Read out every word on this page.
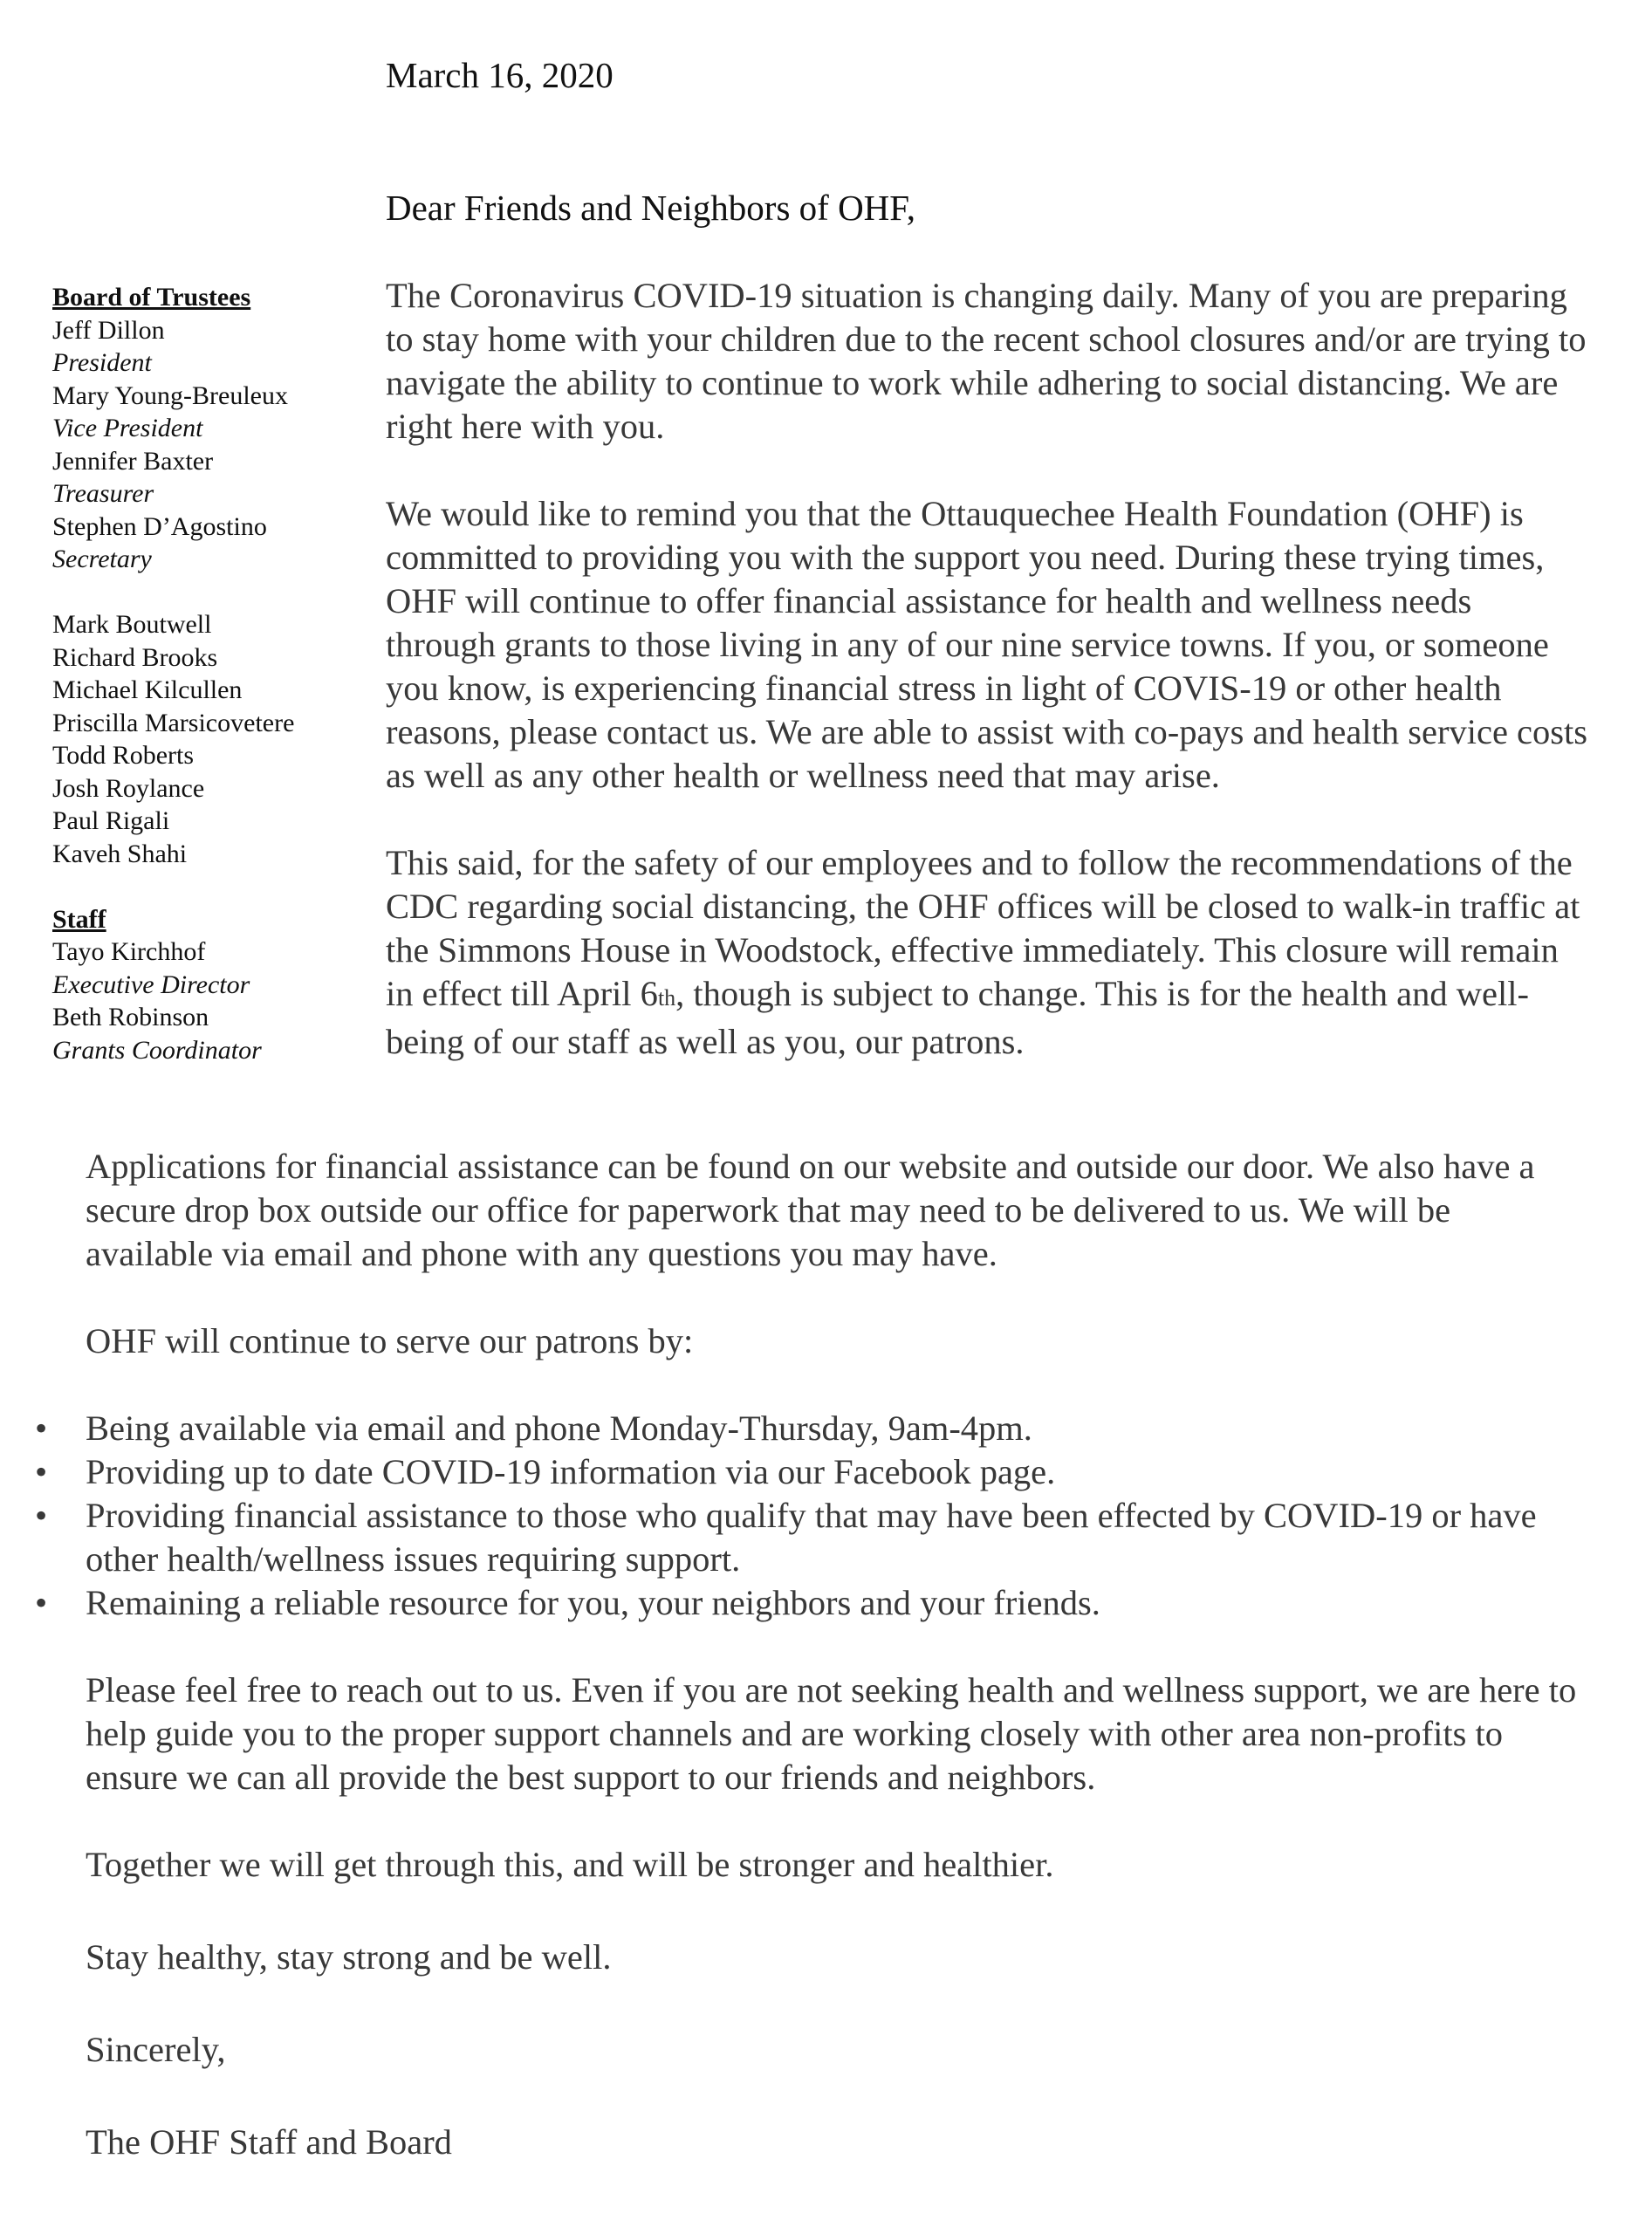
March 16, 2020
Dear Friends and Neighbors of OHF,
Board of Trustees
Jeff Dillon
President
Mary Young-Breuleux
Vice President
Jennifer Baxter
Treasurer
Stephen D’Agostino
Secretary
Mark Boutwell
Richard Brooks
Michael Kilcullen
Priscilla Marsicovetere
Todd Roberts
Josh Roylance
Paul Rigali
Kaveh Shahi
Staff
Tayo Kirchhof
Executive Director
Beth Robinson
Grants Coordinator

The Coronavirus COVID-19 situation is changing daily. Many of you are preparing to stay home with your children due to the recent school closures and/or are trying to navigate the ability to continue to work while adhering to social distancing. We are right here with you.

We would like to remind you that the Ottauquechee Health Foundation (OHF) is committed to providing you with the support you need. During these trying times, OHF will continue to offer financial assistance for health and wellness needs through grants to those living in any of our nine service towns. If you, or someone you know, is experiencing financial stress in light of COVIS-19 or other health reasons, please contact us. We are able to assist with co-pays and health service costs as well as any other health or wellness need that may arise.

This said, for the safety of our employees and to follow the recommendations of the CDC regarding social distancing, the OHF offices will be closed to walk-in traffic at the Simmons House in Woodstock, effective immediately. This closure will remain in effect till April 6th, though is subject to change. This is for the health and well-being of our staff as well as you, our patrons.

Applications for financial assistance can be found on our website and outside our door. We also have a secure drop box outside our office for paperwork that may need to be delivered to us. We will be available via email and phone with any questions you may have.

OHF will continue to serve our patrons by:

• Being available via email and phone Monday-Thursday, 9am-4pm.
• Providing up to date COVID-19 information via our Facebook page.
• Providing financial assistance to those who qualify that may have been effected by COVID-19 or have other health/wellness issues requiring support.
• Remaining a reliable resource for you, your neighbors and your friends.

Please feel free to reach out to us. Even if you are not seeking health and wellness support, we are here to help guide you to the proper support channels and are working closely with other area non-profits to ensure we can all provide the best support to our friends and neighbors.

Together we will get through this, and will be stronger and healthier.

Stay healthy, stay strong and be well.

Sincerely,

The OHF Staff and Board
